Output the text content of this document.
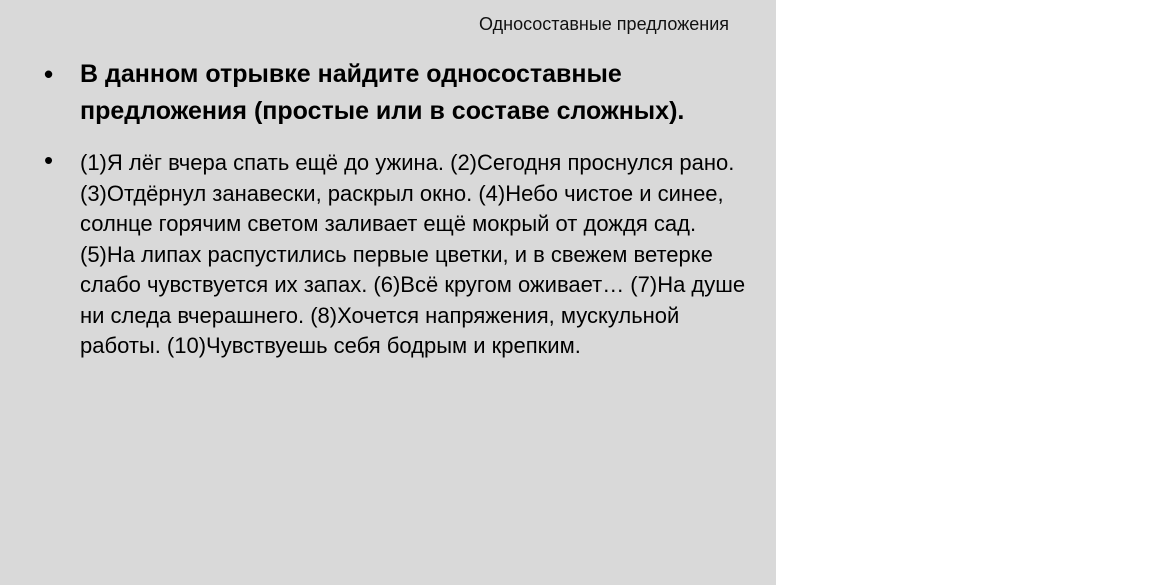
Односоставные предложения
• В данном отрывке найдите односоставные предложения (простые или в составе сложных).
• (1)Я лёг вчера спать ещё до ужина. (2)Сегодня проснулся рано. (3)Отдёрнул занавески, раскрыл окно. (4)Небо чистое и синее, солнце горячим светом заливает ещё мокрый от дождя сад. (5)На липах распустились первые цветки, и в свежем ветерке слабо чувствуется их запах. (6)Всё кругом оживает… (7)На душе ни следа вчерашнего. (8)Хочется напряжения, мускульной работы. (10)Чувствуешь себя бодрым и крепким.
